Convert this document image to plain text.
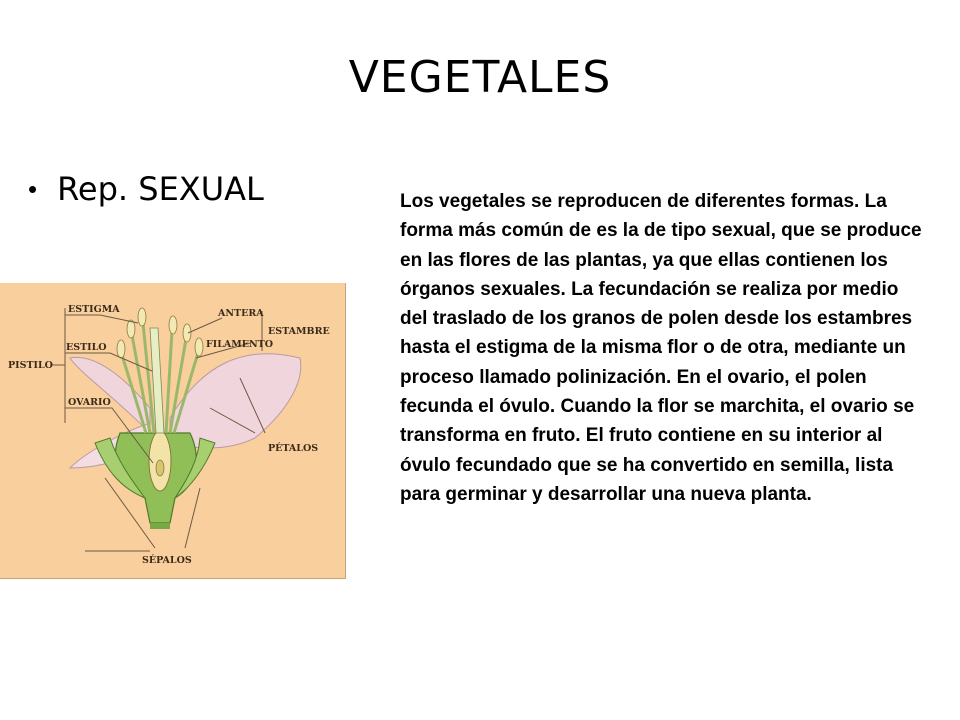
VEGETALES
• Rep. SEXUAL	Los vegetales se reproducen de diferentes formas. La forma más común de es la de tipo sexual, que se produce en las flores de las plantas, ya que ellas contienen los órganos sexuales. La fecundación se realiza por medio del traslado de los granos de polen desde los estambres hasta el estigma de la misma flor o de otra, mediante un proceso llamado polinización. En el ovario, el polen fecunda el óvulo. Cuando la flor se marchita, el ovario se transforma en fruto. El fruto contiene en su interior al óvulo fecundado que se ha convertido en semilla, lista para germinar y desarrollar una nueva planta.

ESTIGMA
ESTILO
PISTILO
OVARIO
ANTERA
ESTAMBRE
FILAMENTO
PÉTALOS
SÉPALOS
